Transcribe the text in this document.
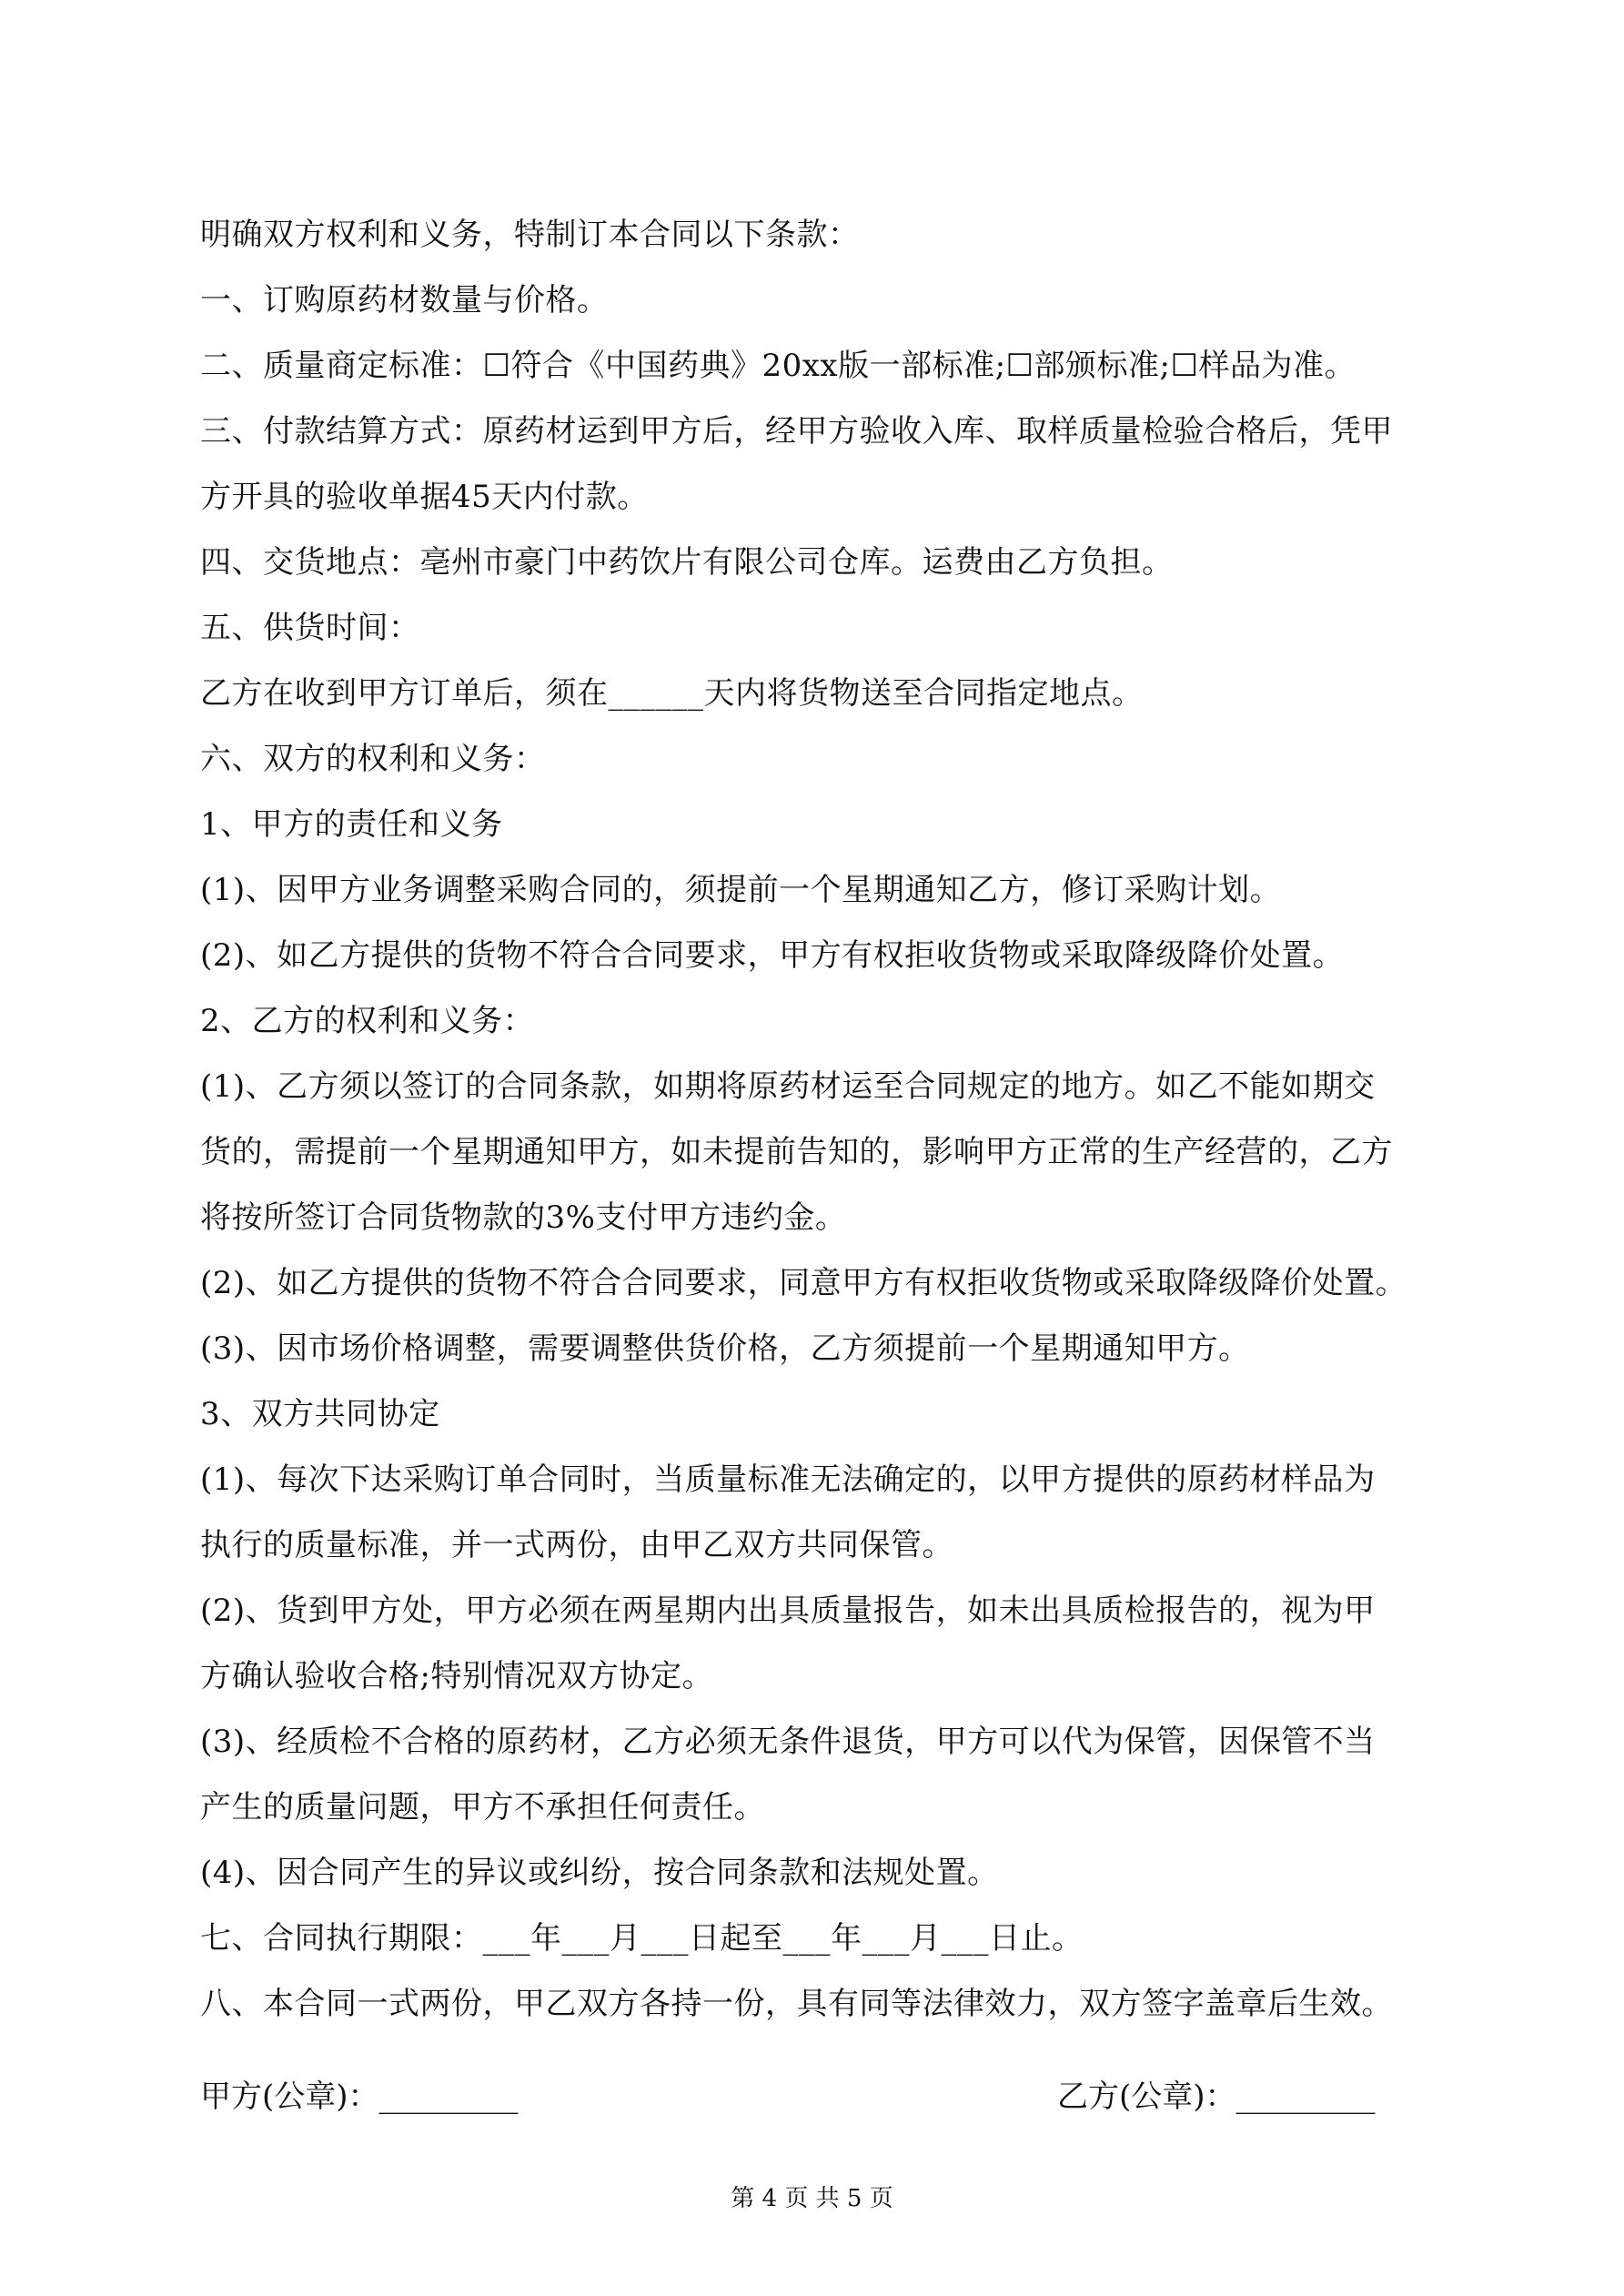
明确双方权利和义务，特制订本合同以下条款：
一、订购原药材数量与价格。
二、质量商定标准：☐符合《中国药典》20xx版一部标准;☐部颁标准;☐样品为准。
三、付款结算方式：原药材运到甲方后，经甲方验收入库、取样质量检验合格后，凭甲
方开具的验收单据45天内付款。
四、交货地点：亳州市豪门中药饮片有限公司仓库。运费由乙方负担。
五、供货时间：
乙方在收到甲方订单后，须在______天内将货物送至合同指定地点。
六、双方的权利和义务：
1、甲方的责任和义务
(1)、因甲方业务调整采购合同的，须提前一个星期通知乙方，修订采购计划。
(2)、如乙方提供的货物不符合合同要求，甲方有权拒收货物或采取降级降价处置。
2、乙方的权利和义务：
(1)、乙方须以签订的合同条款，如期将原药材运至合同规定的地方。如乙不能如期交
货的，需提前一个星期通知甲方，如未提前告知的，影响甲方正常的生产经营的，乙方
将按所签订合同货物款的3%支付甲方违约金。
(2)、如乙方提供的货物不符合合同要求，同意甲方有权拒收货物或采取降级降价处置。
(3)、因市场价格调整，需要调整供货价格，乙方须提前一个星期通知甲方。
3、双方共同协定
(1)、每次下达采购订单合同时，当质量标准无法确定的，以甲方提供的原药材样品为
执行的质量标准，并一式两份，由甲乙双方共同保管。
(2)、货到甲方处，甲方必须在两星期内出具质量报告，如未出具质检报告的，视为甲
方确认验收合格;特别情况双方协定。
(3)、经质检不合格的原药材，乙方必须无条件退货，甲方可以代为保管，因保管不当
产生的质量问题，甲方不承担任何责任。
(4)、因合同产生的异议或纠纷，按合同条款和法规处置。
七、合同执行期限：___年___月___日起至___年___月___日止。
八、本合同一式两份，甲乙双方各持一份，具有同等法律效力，双方签字盖章后生效。
甲方(公章)：_________	乙方(公章)：_________
第 4 页 共 5 页
